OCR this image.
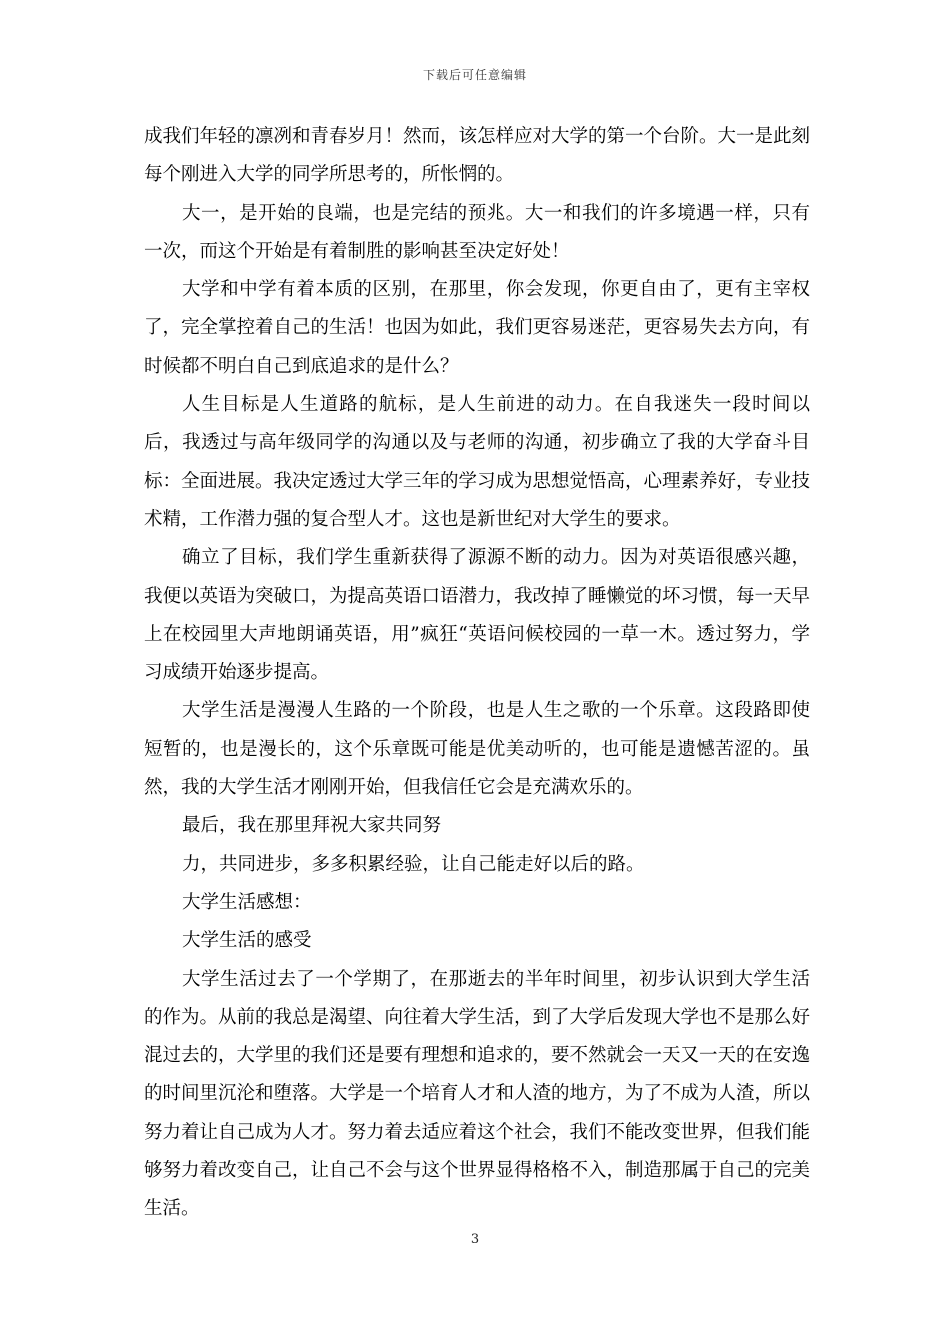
下载后可任意编辑

成我们年轻的凛冽和青春岁月！然而，该怎样应对大学的第一个台阶。大一是此刻每个刚进入大学的同学所思考的，所怅惘的。

大一，是开始的良端，也是完结的预兆。大一和我们的许多境遇一样，只有一次，而这个开始是有着制胜的影响甚至决定好处！

大学和中学有着本质的区别，在那里，你会发现，你更自由了，更有主宰权了，完全掌控着自己的生活！也因为如此，我们更容易迷茫，更容易失去方向，有时候都不明白自己到底追求的是什么？

人生目标是人生道路的航标，是人生前进的动力。在自我迷失一段时间以后，我透过与高年级同学的沟通以及与老师的沟通，初步确立了我的大学奋斗目标：全面进展。我决定透过大学三年的学习成为思想觉悟高，心理素养好，专业技术精，工作潜力强的复合型人才。这也是新世纪对大学生的要求。

确立了目标，我们学生重新获得了源源不断的动力。因为对英语很感兴趣，我便以英语为突破口，为提高英语口语潜力，我改掉了睡懒觉的坏习惯，每一天早上在校园里大声地朗诵英语，用”疯狂“英语问候校园的一草一木。透过努力，学习成绩开始逐步提高。

大学生活是漫漫人生路的一个阶段，也是人生之歌的一个乐章。这段路即使短暂的，也是漫长的，这个乐章既可能是优美动听的，也可能是遗憾苦涩的。虽然，我的大学生活才刚刚开始，但我信任它会是充满欢乐的。

最后，我在那里拜祝大家共同努

力，共同进步，多多积累经验，让自己能走好以后的路。

大学生活感想：

大学生活的感受

大学生活过去了一个学期了，在那逝去的半年时间里，初步认识到大学生活的作为。从前的我总是渴望、向往着大学生活，到了大学后发现大学也不是那么好混过去的，大学里的我们还是要有理想和追求的，要不然就会一天又一天的在安逸的时间里沉沦和堕落。大学是一个培育人才和人渣的地方，为了不成为人渣，所以努力着让自己成为人才。努力着去适应着这个社会，我们不能改变世界，但我们能够努力着改变自己，让自己不会与这个世界显得格格不入，制造那属于自己的完美生活。

3
